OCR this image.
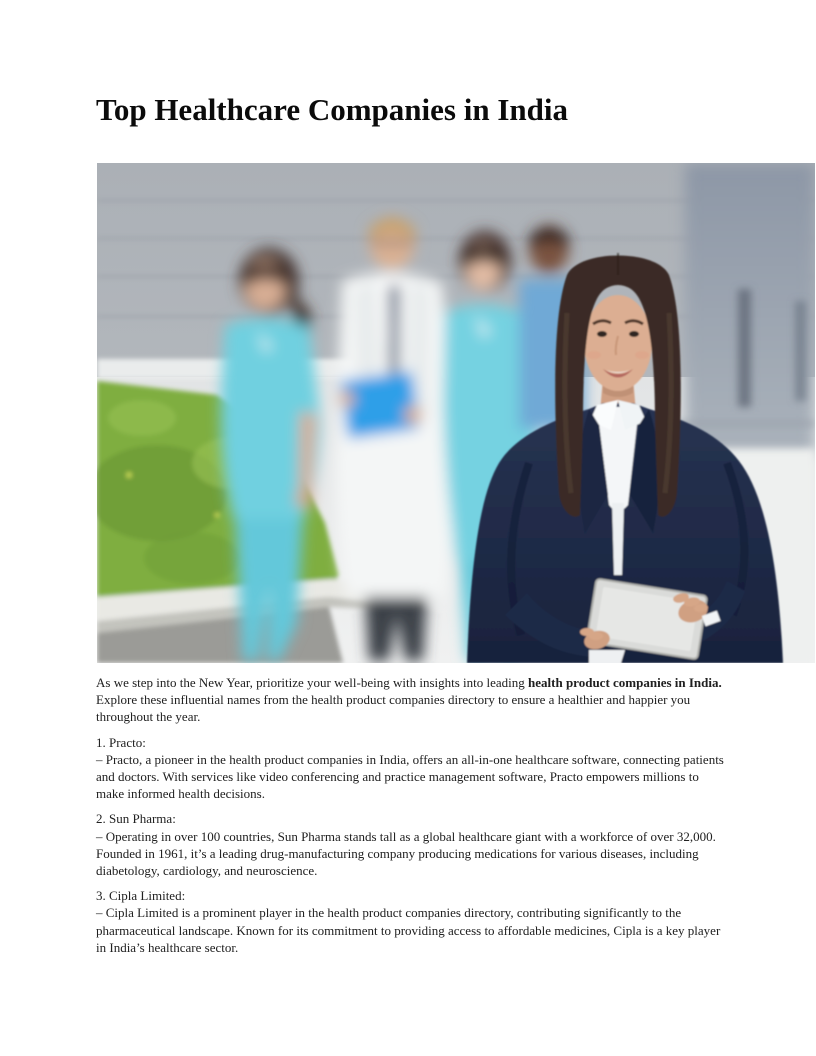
Top Healthcare Companies in India

As we step into the New Year, prioritize your well-being with insights into leading health product companies in India. Explore these influential names from the health product companies directory to ensure a healthier and happier you throughout the year.

1. Practo:
– Practo, a pioneer in the health product companies in India, offers an all-in-one healthcare software, connecting patients and doctors. With services like video conferencing and practice management software, Practo empowers millions to make informed health decisions.
2. Sun Pharma:
– Operating in over 100 countries, Sun Pharma stands tall as a global healthcare giant with a workforce of over 32,000. Founded in 1961, it’s a leading drug-manufacturing company producing medications for various diseases, including diabetology, cardiology, and neuroscience.
3. Cipla Limited:
– Cipla Limited is a prominent player in the health product companies directory, contributing significantly to the pharmaceutical landscape. Known for its commitment to providing access to affordable medicines, Cipla is a key player in India’s healthcare sector.
